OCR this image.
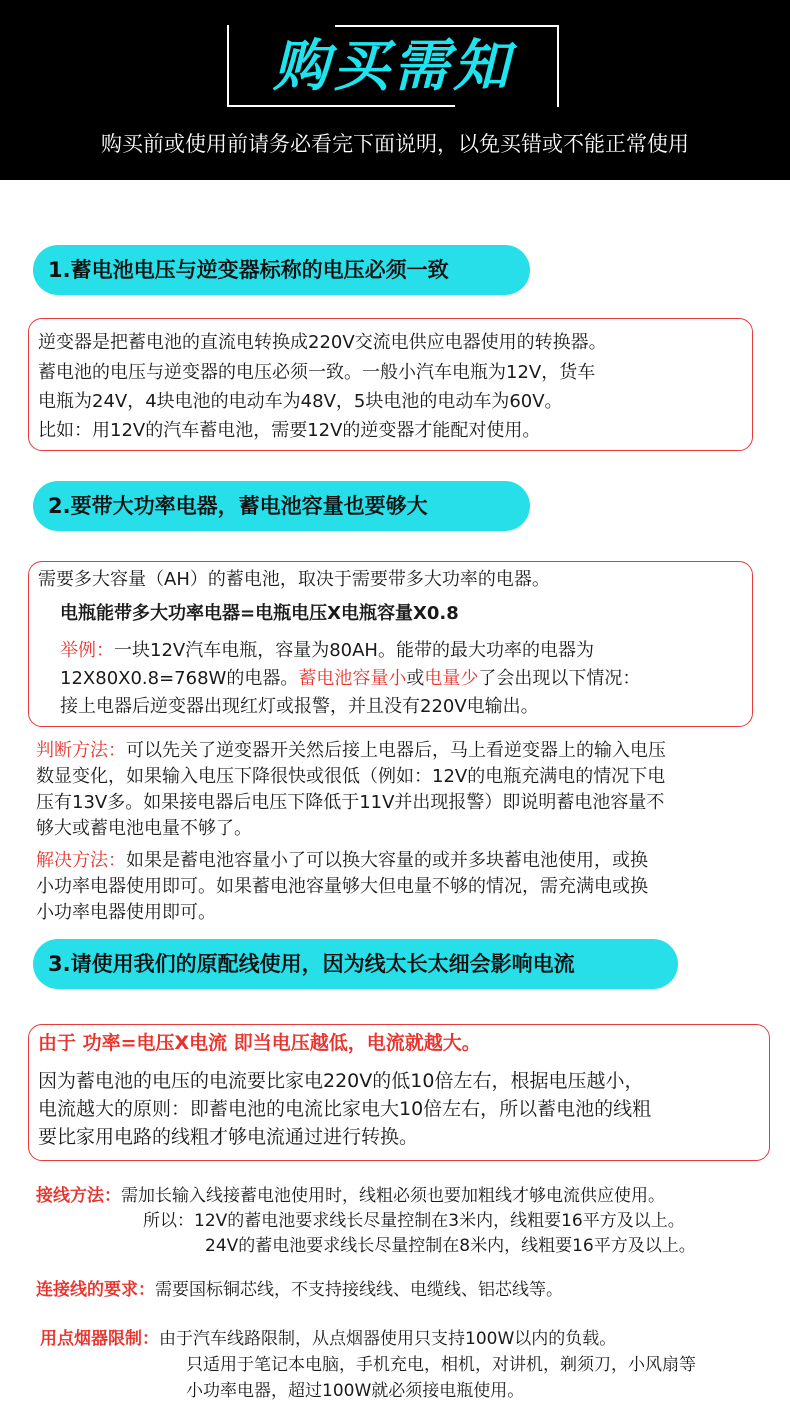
购买需知
购买前或使用前请务必看完下面说明，以免买错或不能正常使用
1.蓄电池电压与逆变器标称的电压必须一致
逆变器是把蓄电池的直流电转换成220V交流电供应电器使用的转换器。
蓄电池的电压与逆变器的电压必须一致。一般小汽车电瓶为12V，货车
电瓶为24V，4块电池的电动车为48V，5块电池的电动车为60V。
比如：用12V的汽车蓄电池，需要12V的逆变器才能配对使用。
2.要带大功率电器，蓄电池容量也要够大
需要多大容量（AH）的蓄电池，取决于需要带多大功率的电器。
电瓶能带多大功率电器=电瓶电压X电瓶容量X0.8
举例：一块12V汽车电瓶，容量为80AH。能带的最大功率的电器为
12X80X0.8=768W的电器。蓄电池容量小或电量少了会出现以下情况：
接上电器后逆变器出现红灯或报警，并且没有220V电输出。
判断方法：可以先关了逆变器开关然后接上电器后，马上看逆变器上的输入电压
数显变化，如果输入电压下降很快或很低（例如：12V的电瓶充满电的情况下电
压有13V多。如果接电器后电压下降低于11V并出现报警）即说明蓄电池容量不
够大或蓄电池电量不够了。
解决方法：如果是蓄电池容量小了可以换大容量的或并多块蓄电池使用，或换
小功率电器使用即可。如果蓄电池容量够大但电量不够的情况，需充满电或换
小功率电器使用即可。
3.请使用我们的原配线使用，因为线太长太细会影响电流
由于 功率=电压X电流 即当电压越低，电流就越大。
因为蓄电池的电压的电流要比家电220V的低10倍左右，根据电压越小，
电流越大的原则：即蓄电池的电流比家电大10倍左右，所以蓄电池的线粗
要比家用电路的线粗才够电流通过进行转换。
接线方法：需加长输入线接蓄电池使用时，线粗必须也要加粗线才够电流供应使用。
所以：12V的蓄电池要求线长尽量控制在3米内，线粗要16平方及以上。
24V的蓄电池要求线长尽量控制在8米内，线粗要16平方及以上。
连接线的要求：需要国标铜芯线，不支持接线线、电缆线、铝芯线等。
用点烟器限制：由于汽车线路限制，从点烟器使用只支持100W以内的负载。
只适用于笔记本电脑，手机充电，相机，对讲机，剃须刀，小风扇等
小功率电器，超过100W就必须接电瓶使用。
